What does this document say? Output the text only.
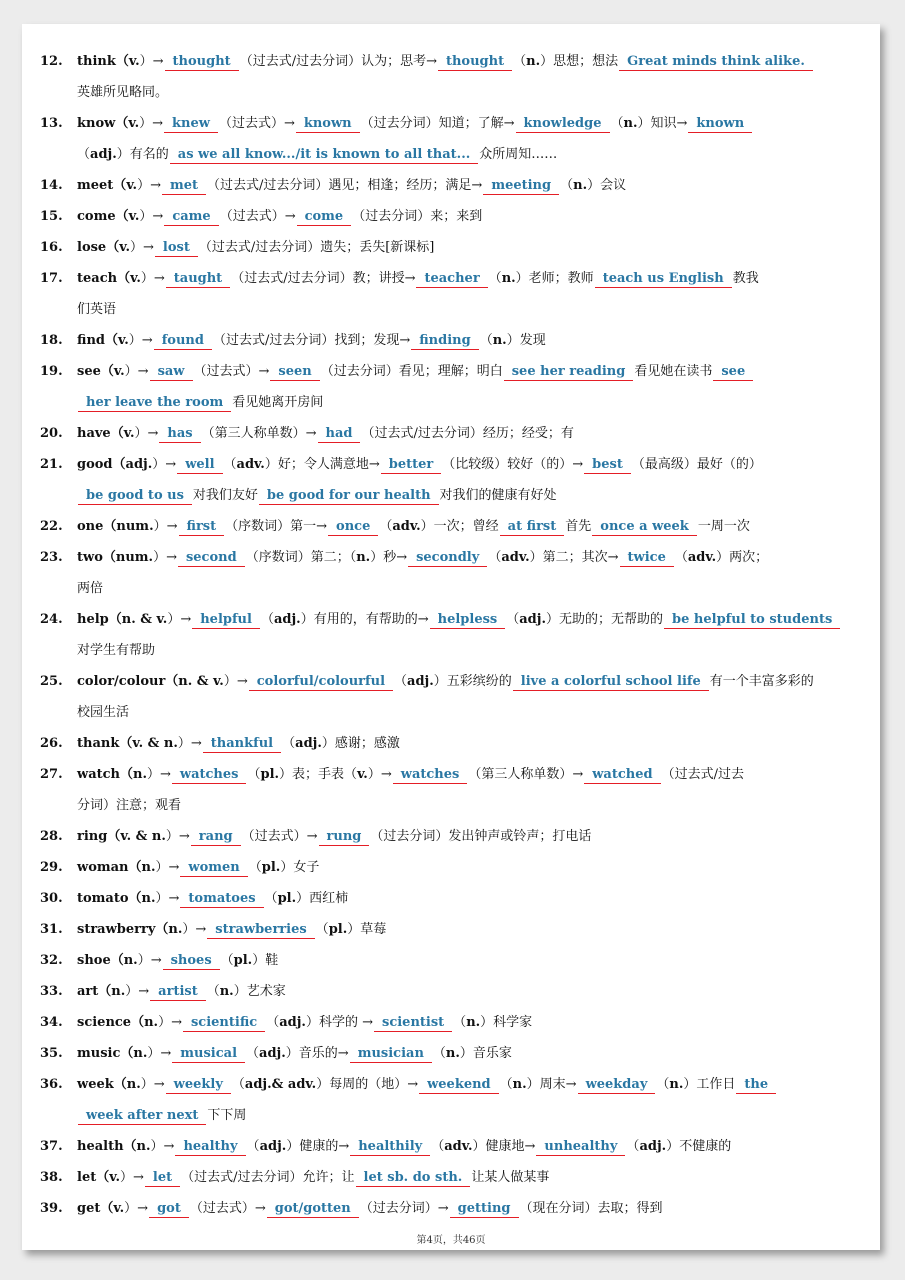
12. think（v.）→ thought （过去式/过去分词）认为；思考→ thought （n.）思想；想法 Great minds think alike.
英雄所见略同。
13. know（v.）→ knew （过去式）→ known （过去分词）知道；了解→ knowledge （n.）知识→ known
（adj.）有名的 as we all know.../it is known to all that... 众所周知……
14. meet（v.）→ met （过去式/过去分词）遇见；相逢；经历；满足→ meeting （n.）会议
15. come（v.）→ came （过去式）→ come （过去分词）来；来到
16. lose（v.）→ lost （过去式/过去分词）遗失；丢失[新课标]
17. teach（v.）→ taught （过去式/过去分词）教；讲授→ teacher （n.）老师；教师 teach us English 教我
们英语
18. find（v.）→ found （过去式/过去分词）找到；发现→ finding （n.）发现
19. see（v.）→ saw （过去式）→ seen （过去分词）看见；理解；明白 see her reading 看见她在读书 see
her leave the room 看见她离开房间
20. have（v.）→ has （第三人称单数）→ had （过去式/过去分词）经历；经受；有
21. good（adj.）→ well （adv.）好；令人满意地→ better （比较级）较好（的）→ best （最高级）最好（的）
be good to us 对我们友好 be good for our health 对我们的健康有好处
22. one（num.）→ first （序数词）第一→ once （adv.）一次；曾经 at first 首先 once a week 一周一次
23. two（num.）→ second （序数词）第二；（n.）秒→ secondly （adv.）第二；其次→ twice （adv.）两次；
两倍
24. help（n. & v.）→ helpful （adj.）有用的，有帮助的→ helpless （adj.）无助的；无帮助的 be helpful to students
对学生有帮助
25. color/colour（n. & v.）→ colorful/colourful （adj.）五彩缤纷的 live a colorful school life 有一个丰富多彩的
校园生活
26. thank（v. & n.）→ thankful （adj.）感谢；感激
27. watch（n.）→ watches （pl.）表；手表（v.）→ watches （第三人称单数）→ watched （过去式/过去
分词）注意；观看
28. ring（v. & n.）→ rang （过去式）→ rung （过去分词）发出钟声或铃声；打电话
29. woman（n.）→ women （pl.）女子
30. tomato（n.）→ tomatoes （pl.）西红柿
31. strawberry（n.）→ strawberries （pl.）草莓
32. shoe（n.）→ shoes （pl.）鞋
33. art（n.）→ artist （n.）艺术家
34. science（n.）→ scientific （adj.）科学的 → scientist （n.）科学家
35. music（n.）→ musical （adj.）音乐的→ musician （n.）音乐家
36. week（n.）→ weekly （adj.& adv.）每周的（地）→ weekend （n.）周末→ weekday （n.）工作日 the
week after next 下下周
37. health（n.）→ healthy （adj.）健康的→ healthily （adv.）健康地→ unhealthy （adj.）不健康的
38. let（v.）→ let （过去式/过去分词）允许；让 let sb. do sth. 让某人做某事
39. get（v.）→ got （过去式）→ got/gotten （过去分词）→ getting （现在分词）去取；得到
第4页，共46页
